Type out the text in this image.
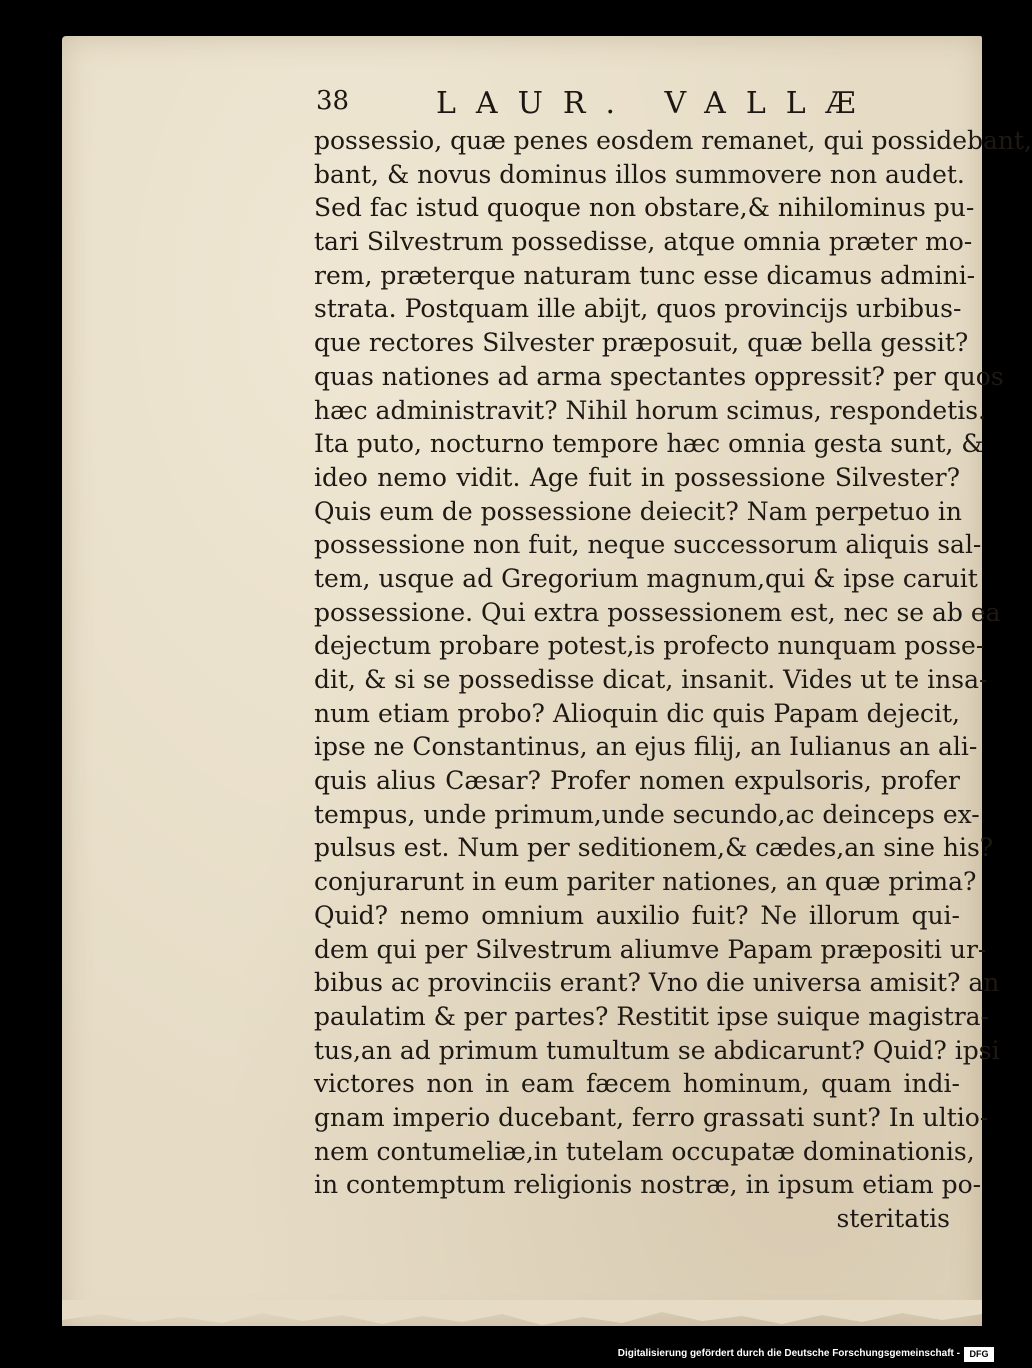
38	LAUR. VALLÆ
possessio, quæ penes eosdem remanet, qui possidebant,
bant, & novus dominus illos summovere non audet.
Sed fac istud quoque non obstare,& nihilominus pu-
tari Silvestrum possedisse, atque omnia præter mo-
rem, præterque naturam tunc esse dicamus admini-
strata. Postquam ille abijt, quos provincijs urbibus-
que rectores Silvester præposuit, quæ bella gessit?
quas nationes ad arma spectantes oppressit? per quos
hæc administravit? Nihil horum scimus, respondetis.
Ita puto, nocturno tempore hæc omnia gesta sunt, &
ideo nemo vidit. Age fuit in possessione Silvester?
Quis eum de possessione deiecit? Nam perpetuo in
possessione non fuit, neque successorum aliquis sal-
tem, usque ad Gregorium magnum,qui & ipse caruit
possessione. Qui extra possessionem est, nec se ab ea
dejectum probare potest,is profecto nunquam posse-
dit, & si se possedisse dicat, insanit. Vides ut te insa-
num etiam probo? Alioquin dic quis Papam dejecit,
ipse ne Constantinus, an ejus filij, an Iulianus an ali-
quis alius Cæsar? Profer nomen expulsoris, profer
tempus, unde primum,unde secundo,ac deinceps ex-
pulsus est. Num per seditionem,& cædes,an sine his?
conjurarunt in eum pariter nationes, an quæ prima?
Quid? nemo omnium auxilio fuit? Ne illorum qui-
dem qui per Silvestrum aliumve Papam præpositi ur-
bibus ac provinciis erant? Vno die universa amisit? an
paulatim & per partes? Restitit ipse suique magistra-
tus,an ad primum tumultum se abdicarunt? Quid? ipsi
victores non in eam fæcem hominum, quam indi-
gnam imperio ducebant, ferro grassati sunt? In ultio-
nem contumeliæ,in tutelam occupatæ dominationis,
in contemptum religionis nostræ, in ipsum etiam po-
steritatis
Digitalisierung gefördert durch die Deutsche Forschungsgemeinschaft -	DFG
